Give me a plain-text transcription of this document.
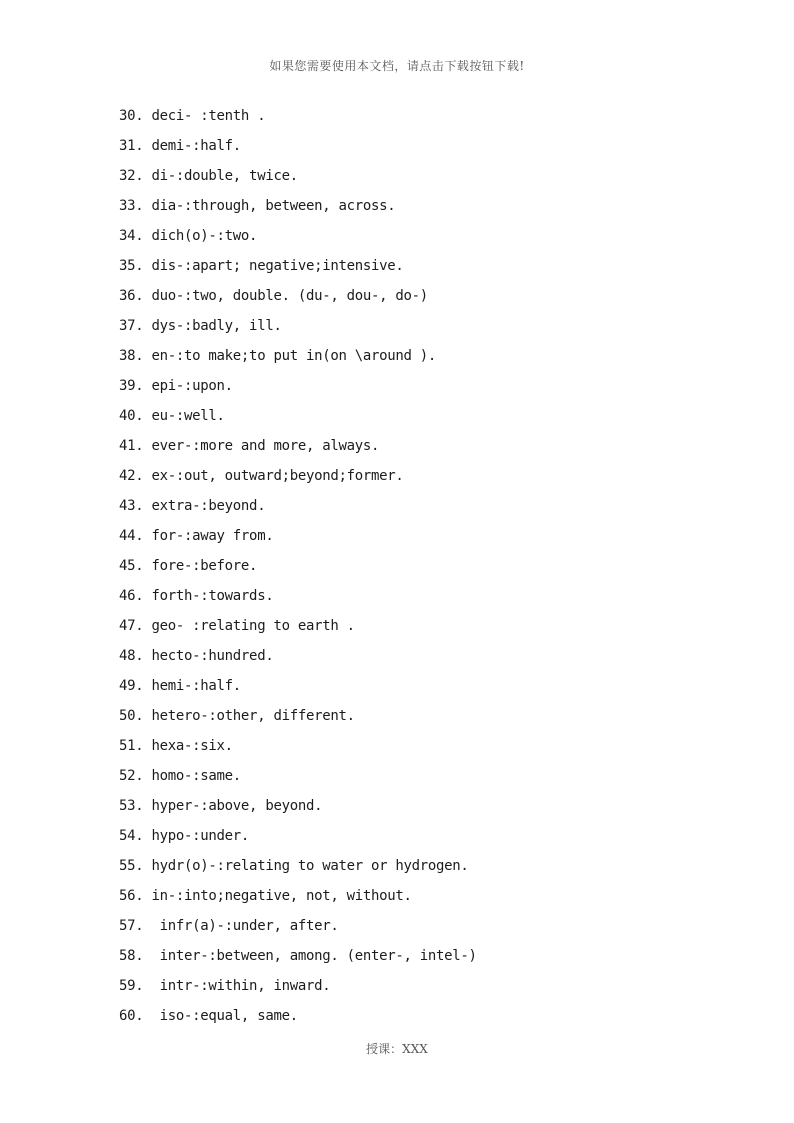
如果您需要使用本文档，请点击下载按钮下载!
30. deci- :tenth .
31. demi-:half.
32. di-:double, twice.
33. dia-:through, between, across.
34. dich(o)-:two.
35. dis-:apart; negative;intensive.
36. duo-:two, double. (du-, dou-, do-)
37. dys-:badly, ill.
38. en-:to make;to put in(on \around ).
39. epi-:upon.
40. eu-:well.
41. ever-:more and more, always.
42. ex-:out, outward;beyond;former.
43. extra-:beyond.
44. for-:away from.
45. fore-:before.
46. forth-:towards.
47. geo- :relating to earth .
48. hecto-:hundred.
49. hemi-:half.
50. hetero-:other, different.
51. hexa-:six.
52. homo-:same.
53. hyper-:above, beyond.
54. hypo-:under.
55. hydr(o)-:relating to water or hydrogen.
56. in-:into;negative, not, without.
57.  infr(a)-:under, after.
58.  inter-:between, among. (enter-, intel-)
59.  intr-:within, inward.
60.  iso-:equal, same.
授课：XXX
